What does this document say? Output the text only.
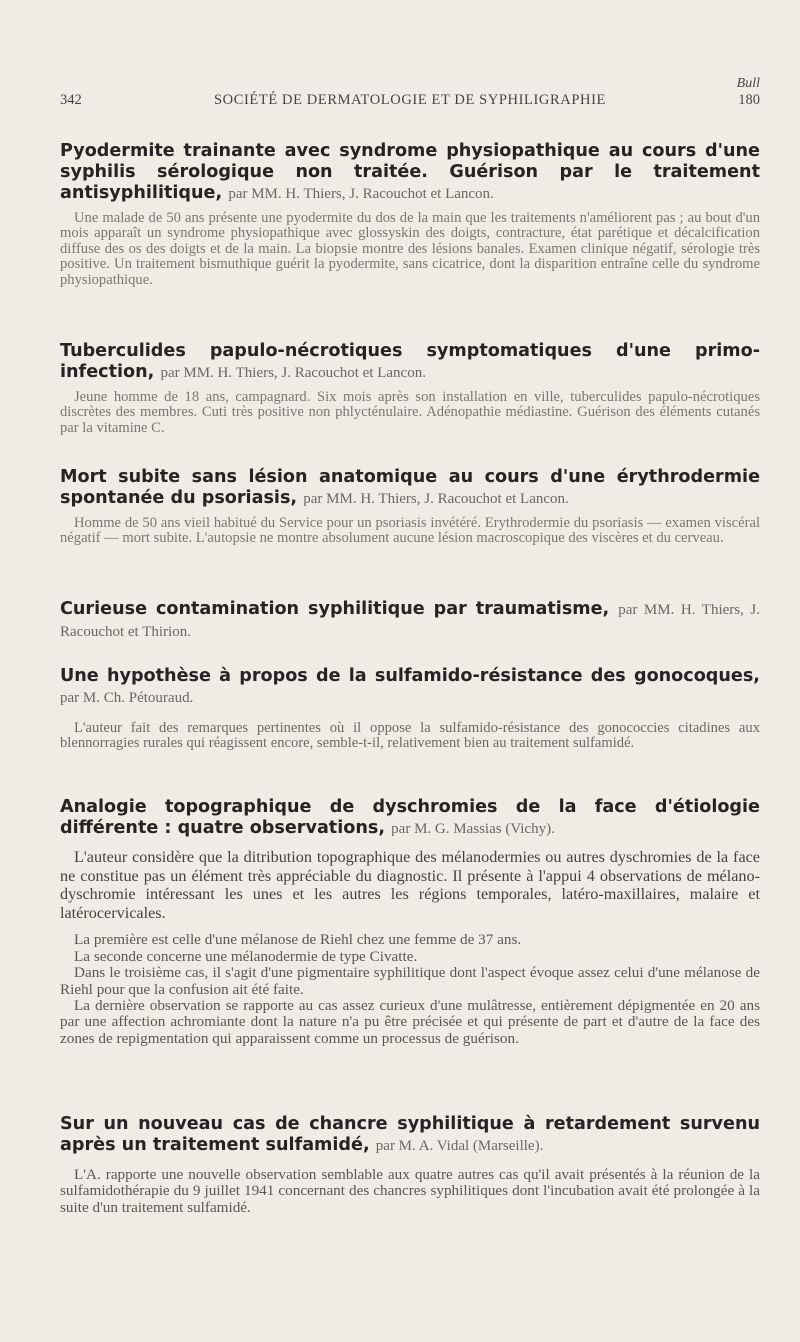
Bull
342	SOCIÉTÉ DE DERMATOLOGIE ET DE SYPHILIGRAPHIE	180

Pyodermite trainante avec syndrome physiopathique au cours d'une syphilis sérologique non traitée. Guérison par le traitement antisyphilitique, par MM. H. Thiers, J. Racouchot et Lancon.

Une malade de 50 ans présente une pyodermite du dos de la main que les traitements n'améliorent pas ; au bout d'un mois apparaît un syndrome physiopathique avec glossyskin des doigts, contracture, état parétique et décalcification diffuse des os des doigts et de la main. La biopsie montre des lésions banales. Examen clinique négatif, sérologie très positive. Un traitement bismuthique guérit la pyodermite, sans cicatrice, dont la disparition entraîne celle du syndrome physiopathique.

Tuberculides papulo-nécrotiques symptomatiques d'une primo-infection, par MM. H. Thiers, J. Racouchot et Lancon.

Jeune homme de 18 ans, campagnard. Six mois après son installation en ville, tuberculides papulo-nécrotiques discrètes des membres. Cuti très positive non phlycténulaire. Adénopathie médiastine. Guérison des éléments cutanés par la vitamine C.

Mort subite sans lésion anatomique au cours d'une érythrodermie spontanée du psoriasis, par MM. H. Thiers, J. Racouchot et Lancon.

Homme de 50 ans vieil habitué du Service pour un psoriasis invétéré. Erythrodermie du psoriasis — examen viscéral négatif — mort subite. L'autopsie ne montre absolument aucune lésion macroscopique des viscères et du cerveau.

Curieuse contamination syphilitique par traumatisme, par MM. H. Thiers, J. Racouchot et Thirion.

Une hypothèse à propos de la sulfamido-résistance des gonocoques, par M. Ch. Pétouraud.

L'auteur fait des remarques pertinentes où il oppose la sulfamido-résistance des gonococcies citadines aux blennorragies rurales qui réagissent encore, semble-t-il, relativement bien au traitement sulfamidé.

Analogie topographique de dyschromies de la face d'étiologie différente : quatre observations, par M. G. Massias (Vichy).

L'auteur considère que la ditribution topographique des mélanodermies ou autres dyschromies de la face ne constitue pas un élément très appréciable du diagnostic. Il présente à l'appui 4 observations de mélano-dyschromie intéressant les unes et les autres les régions temporales, latéro-maxillaires, malaire et latérocervicales.

La première est celle d'une mélanose de Riehl chez une femme de 37 ans.

La seconde concerne une mélanodermie de type Civatte.

Dans le troisième cas, il s'agit d'une pigmentaire syphilitique dont l'aspect évoque assez celui d'une mélanose de Riehl pour que la confusion ait été faite.

La dernière observation se rapporte au cas assez curieux d'une mulâtresse, entièrement dépigmentée en 20 ans par une affection achromiante dont la nature n'a pu être précisée et qui présente de part et d'autre de la face des zones de repigmentation qui apparaissent comme un processus de guérison.

Sur un nouveau cas de chancre syphilitique à retardement survenu après un traitement sulfamidé, par M. A. Vidal (Marseille).

L'A. rapporte une nouvelle observation semblable aux quatre autres cas qu'il avait présentés à la réunion de la sulfamidothérapie du 9 juillet 1941 concernant des chancres syphilitiques dont l'incubation avait été prolongée à la suite d'un traitement sulfamidé.
